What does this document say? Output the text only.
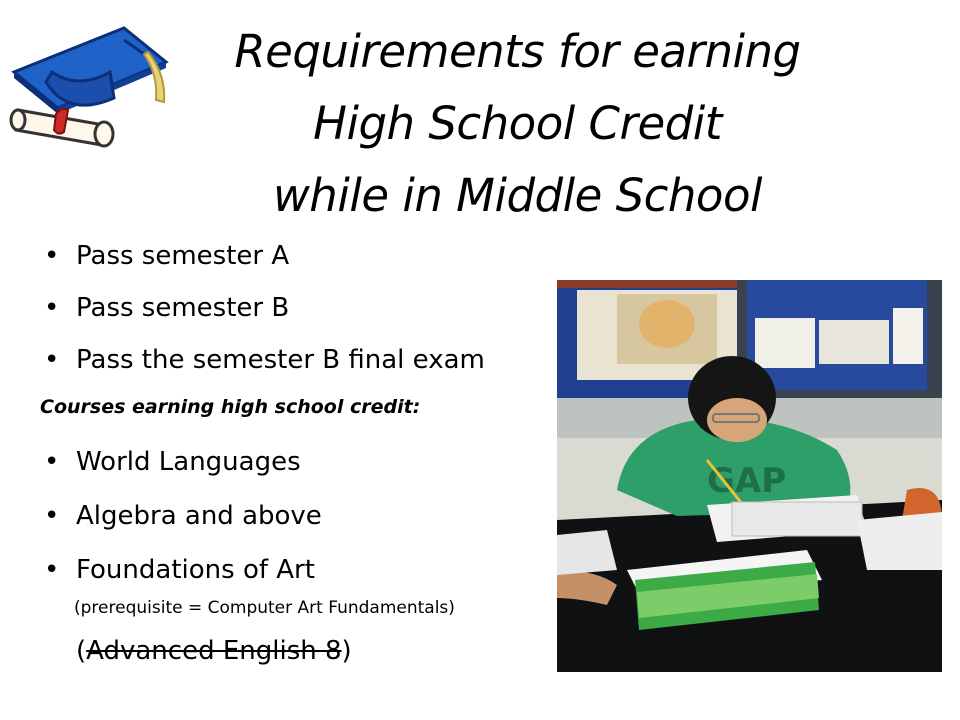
Requirements for earning
High School Credit
while in Middle School
• Pass semester A
• Pass semester B
• Pass the semester B final exam
Courses earning high school credit:
• World Languages
• Algebra and above
• Foundations of Art
(prerequisite = Computer Art Fundamentals)
(Advanced English 8)
GAP
